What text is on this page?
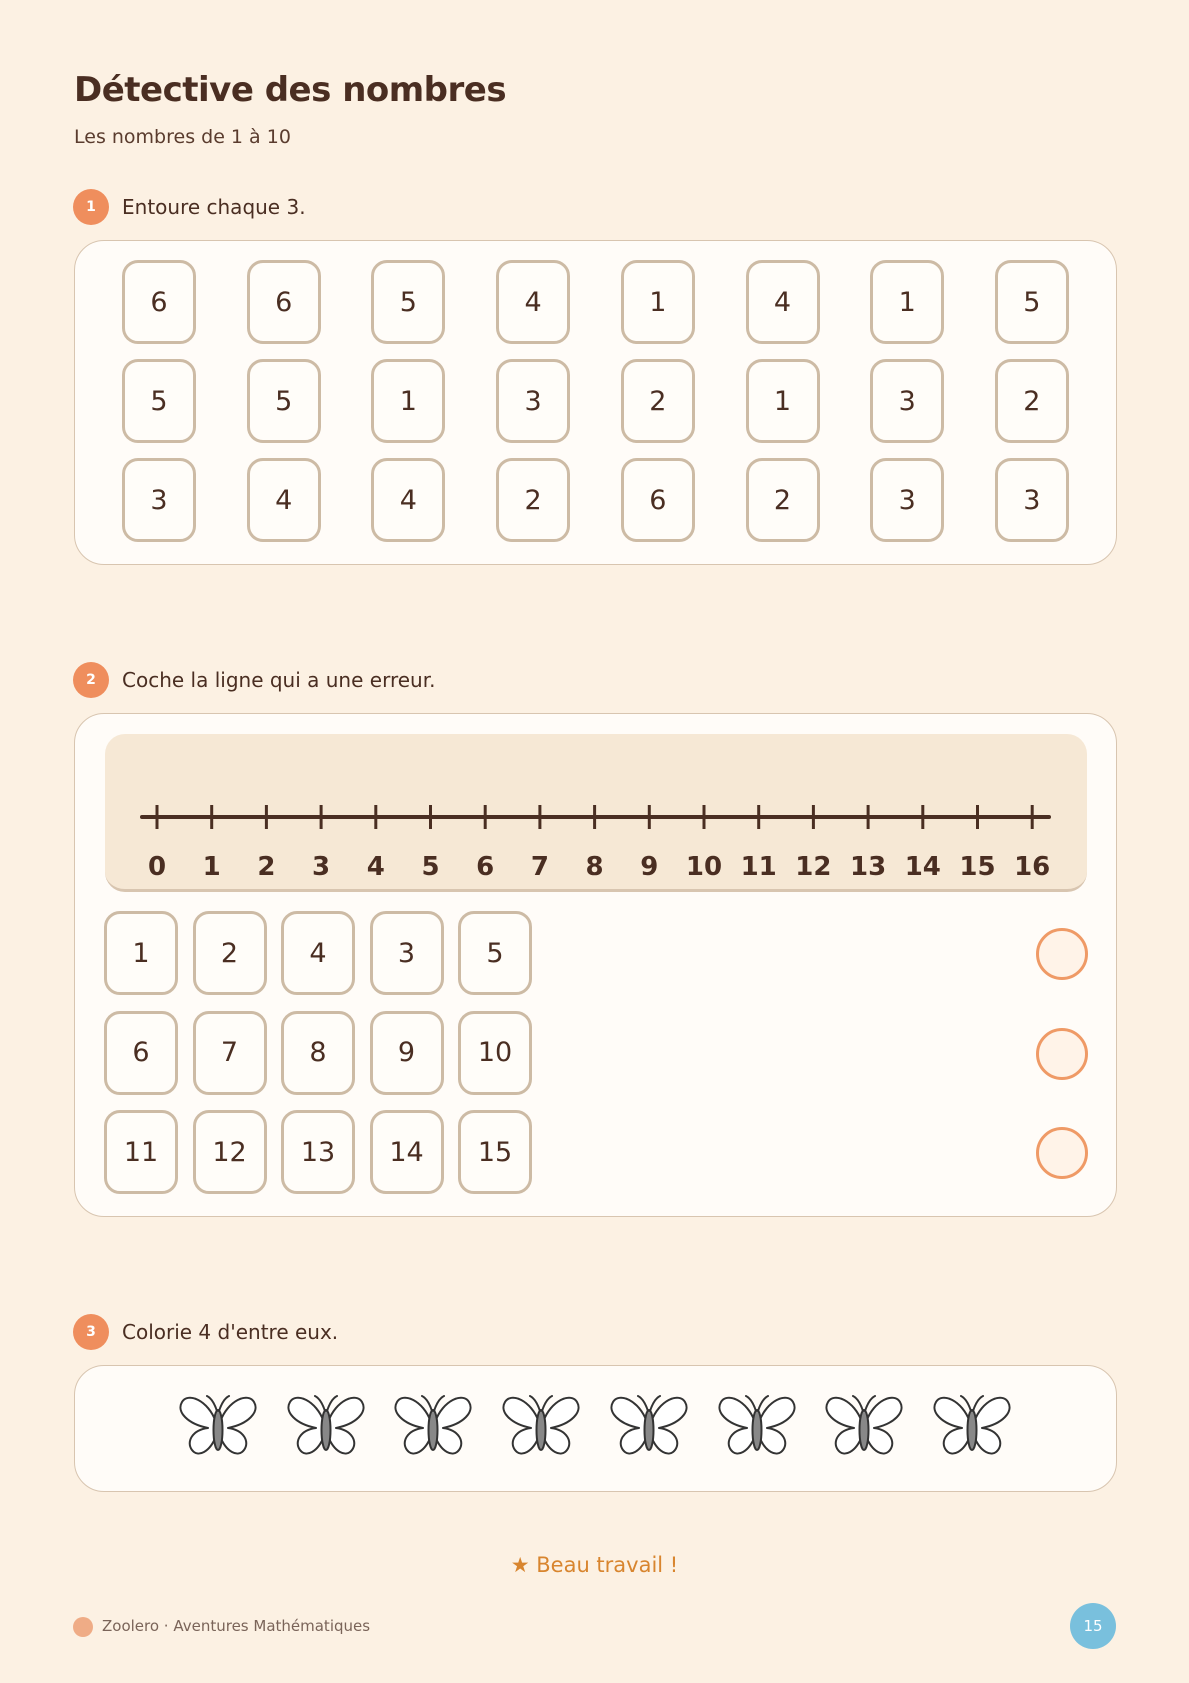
Détective des nombres
Les nombres de 1 à 10
1	Entoure chaque 3.
6	6	5	4	1	4	1	5
5	5	1	3	2	1	3	2
3	4	4	2	6	2	3	3
2	Coche la ligne qui a une erreur.
0	1	2	3	4	5	6	7	8	9	10 11 12 13 14 15 16
1	2	4	3	5
6	7	8	9	10
11	12	13	14	15
3	Colorie 4 d'entre eux.
★ Beau travail !
Zoolero · Aventures Mathématiques	15
